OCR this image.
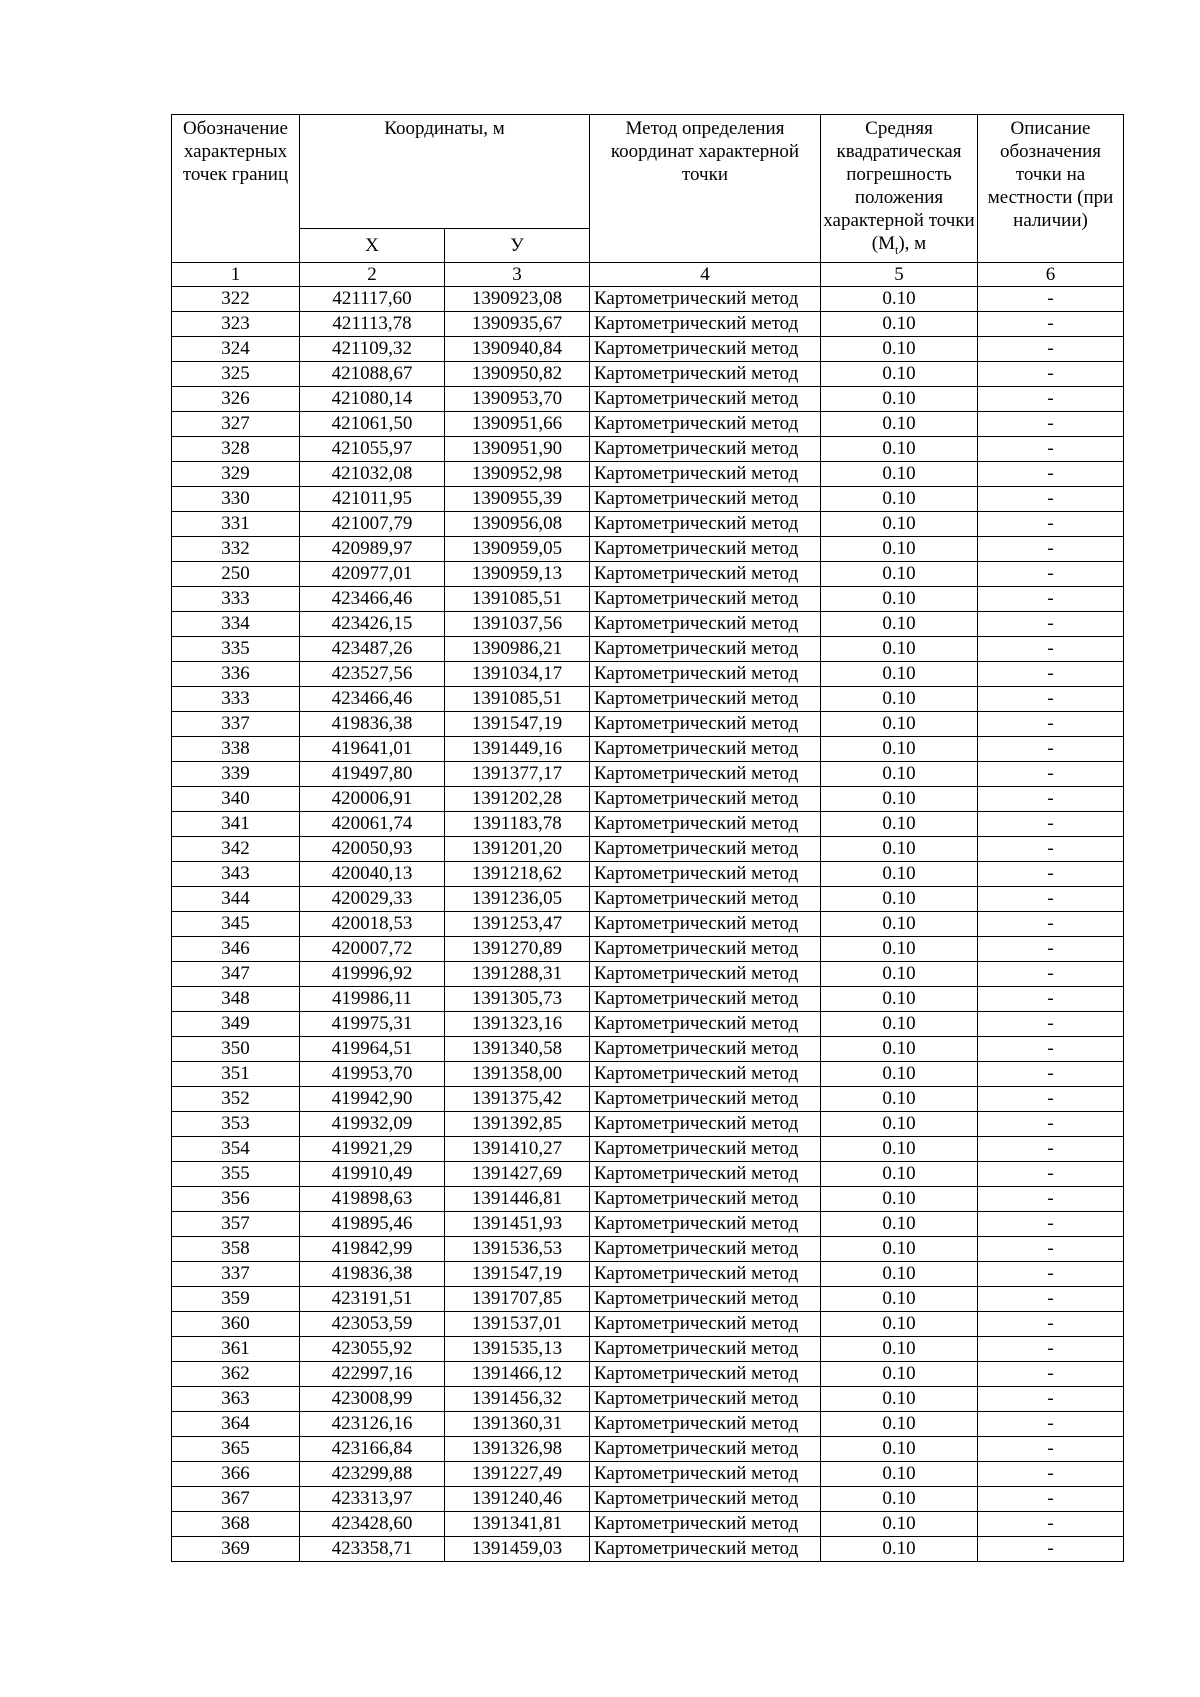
Обозначение характерных точек границ	Координаты, м		Метод определения координат характерной точки	Средняя квадратическая погрешность положения характерной точки $(M_t)$, м	Описание обозначения точки на местности (при наличии)
	X	У			
1	2	3	4	5	6
322	421117,60	1390923,08	Картометрический метод	0.10	-
323	421113,78	1390935,67	Картометрический метод	0.10	-
324	421109,32	1390940,84	Картометрический метод	0.10	-
325	421088,67	1390950,82	Картометрический метод	0.10	-
326	421080,14	1390953,70	Картометрический метод	0.10	-
327	421061,50	1390951,66	Картометрический метод	0.10	-
328	421055,97	1390951,90	Картометрический метод	0.10	-
329	421032,08	1390952,98	Картометрический метод	0.10	-
330	421011,95	1390955,39	Картометрический метод	0.10	-
331	421007,79	1390956,08	Картометрический метод	0.10	-
332	420989,97	1390959,05	Картометрический метод	0.10	-
250	420977,01	1390959,13	Картометрический метод	0.10	-
333	423466,46	1391085,51	Картометрический метод	0.10	-
334	423426,15	1391037,56	Картометрический метод	0.10	-
335	423487,26	1390986,21	Картометрический метод	0.10	-
336	423527,56	1391034,17	Картометрический метод	0.10	-
333	423466,46	1391085,51	Картометрический метод	0.10	-
337	419836,38	1391547,19	Картометрический метод	0.10	-
338	419641,01	1391449,16	Картометрический метод	0.10	-
339	419497,80	1391377,17	Картометрический метод	0.10	-
340	420006,91	1391202,28	Картометрический метод	0.10	-
341	420061,74	1391183,78	Картометрический метод	0.10	-
342	420050,93	1391201,20	Картометрический метод	0.10	-
343	420040,13	1391218,62	Картометрический метод	0.10	-
344	420029,33	1391236,05	Картометрический метод	0.10	-
345	420018,53	1391253,47	Картометрический метод	0.10	-
346	420007,72	1391270,89	Картометрический метод	0.10	-
347	419996,92	1391288,31	Картометрический метод	0.10	-
348	419986,11	1391305,73	Картометрический метод	0.10	-
349	419975,31	1391323,16	Картометрический метод	0.10	-
350	419964,51	1391340,58	Картометрический метод	0.10	-
351	419953,70	1391358,00	Картометрический метод	0.10	-
352	419942,90	1391375,42	Картометрический метод	0.10	-
353	419932,09	1391392,85	Картометрический метод	0.10	-
354	419921,29	1391410,27	Картометрический метод	0.10	-
355	419910,49	1391427,69	Картометрический метод	0.10	-
356	419898,63	1391446,81	Картометрический метод	0.10	-
357	419895,46	1391451,93	Картометрический метод	0.10	-
358	419842,99	1391536,53	Картометрический метод	0.10	-
337	419836,38	1391547,19	Картометрический метод	0.10	-
359	423191,51	1391707,85	Картометрический метод	0.10	-
360	423053,59	1391537,01	Картометрический метод	0.10	-
361	423055,92	1391535,13	Картометрический метод	0.10	-
362	422997,16	1391466,12	Картометрический метод	0.10	-
363	423008,99	1391456,32	Картометрический метод	0.10	-
364	423126,16	1391360,31	Картометрический метод	0.10	-
365	423166,84	1391326,98	Картометрический метод	0.10	-
366	423299,88	1391227,49	Картометрический метод	0.10	-
367	423313,97	1391240,46	Картометрический метод	0.10	-
368	423428,60	1391341,81	Картометрический метод	0.10	-
369	423358,71	1391459,03	Картометрический метод	0.10	-
